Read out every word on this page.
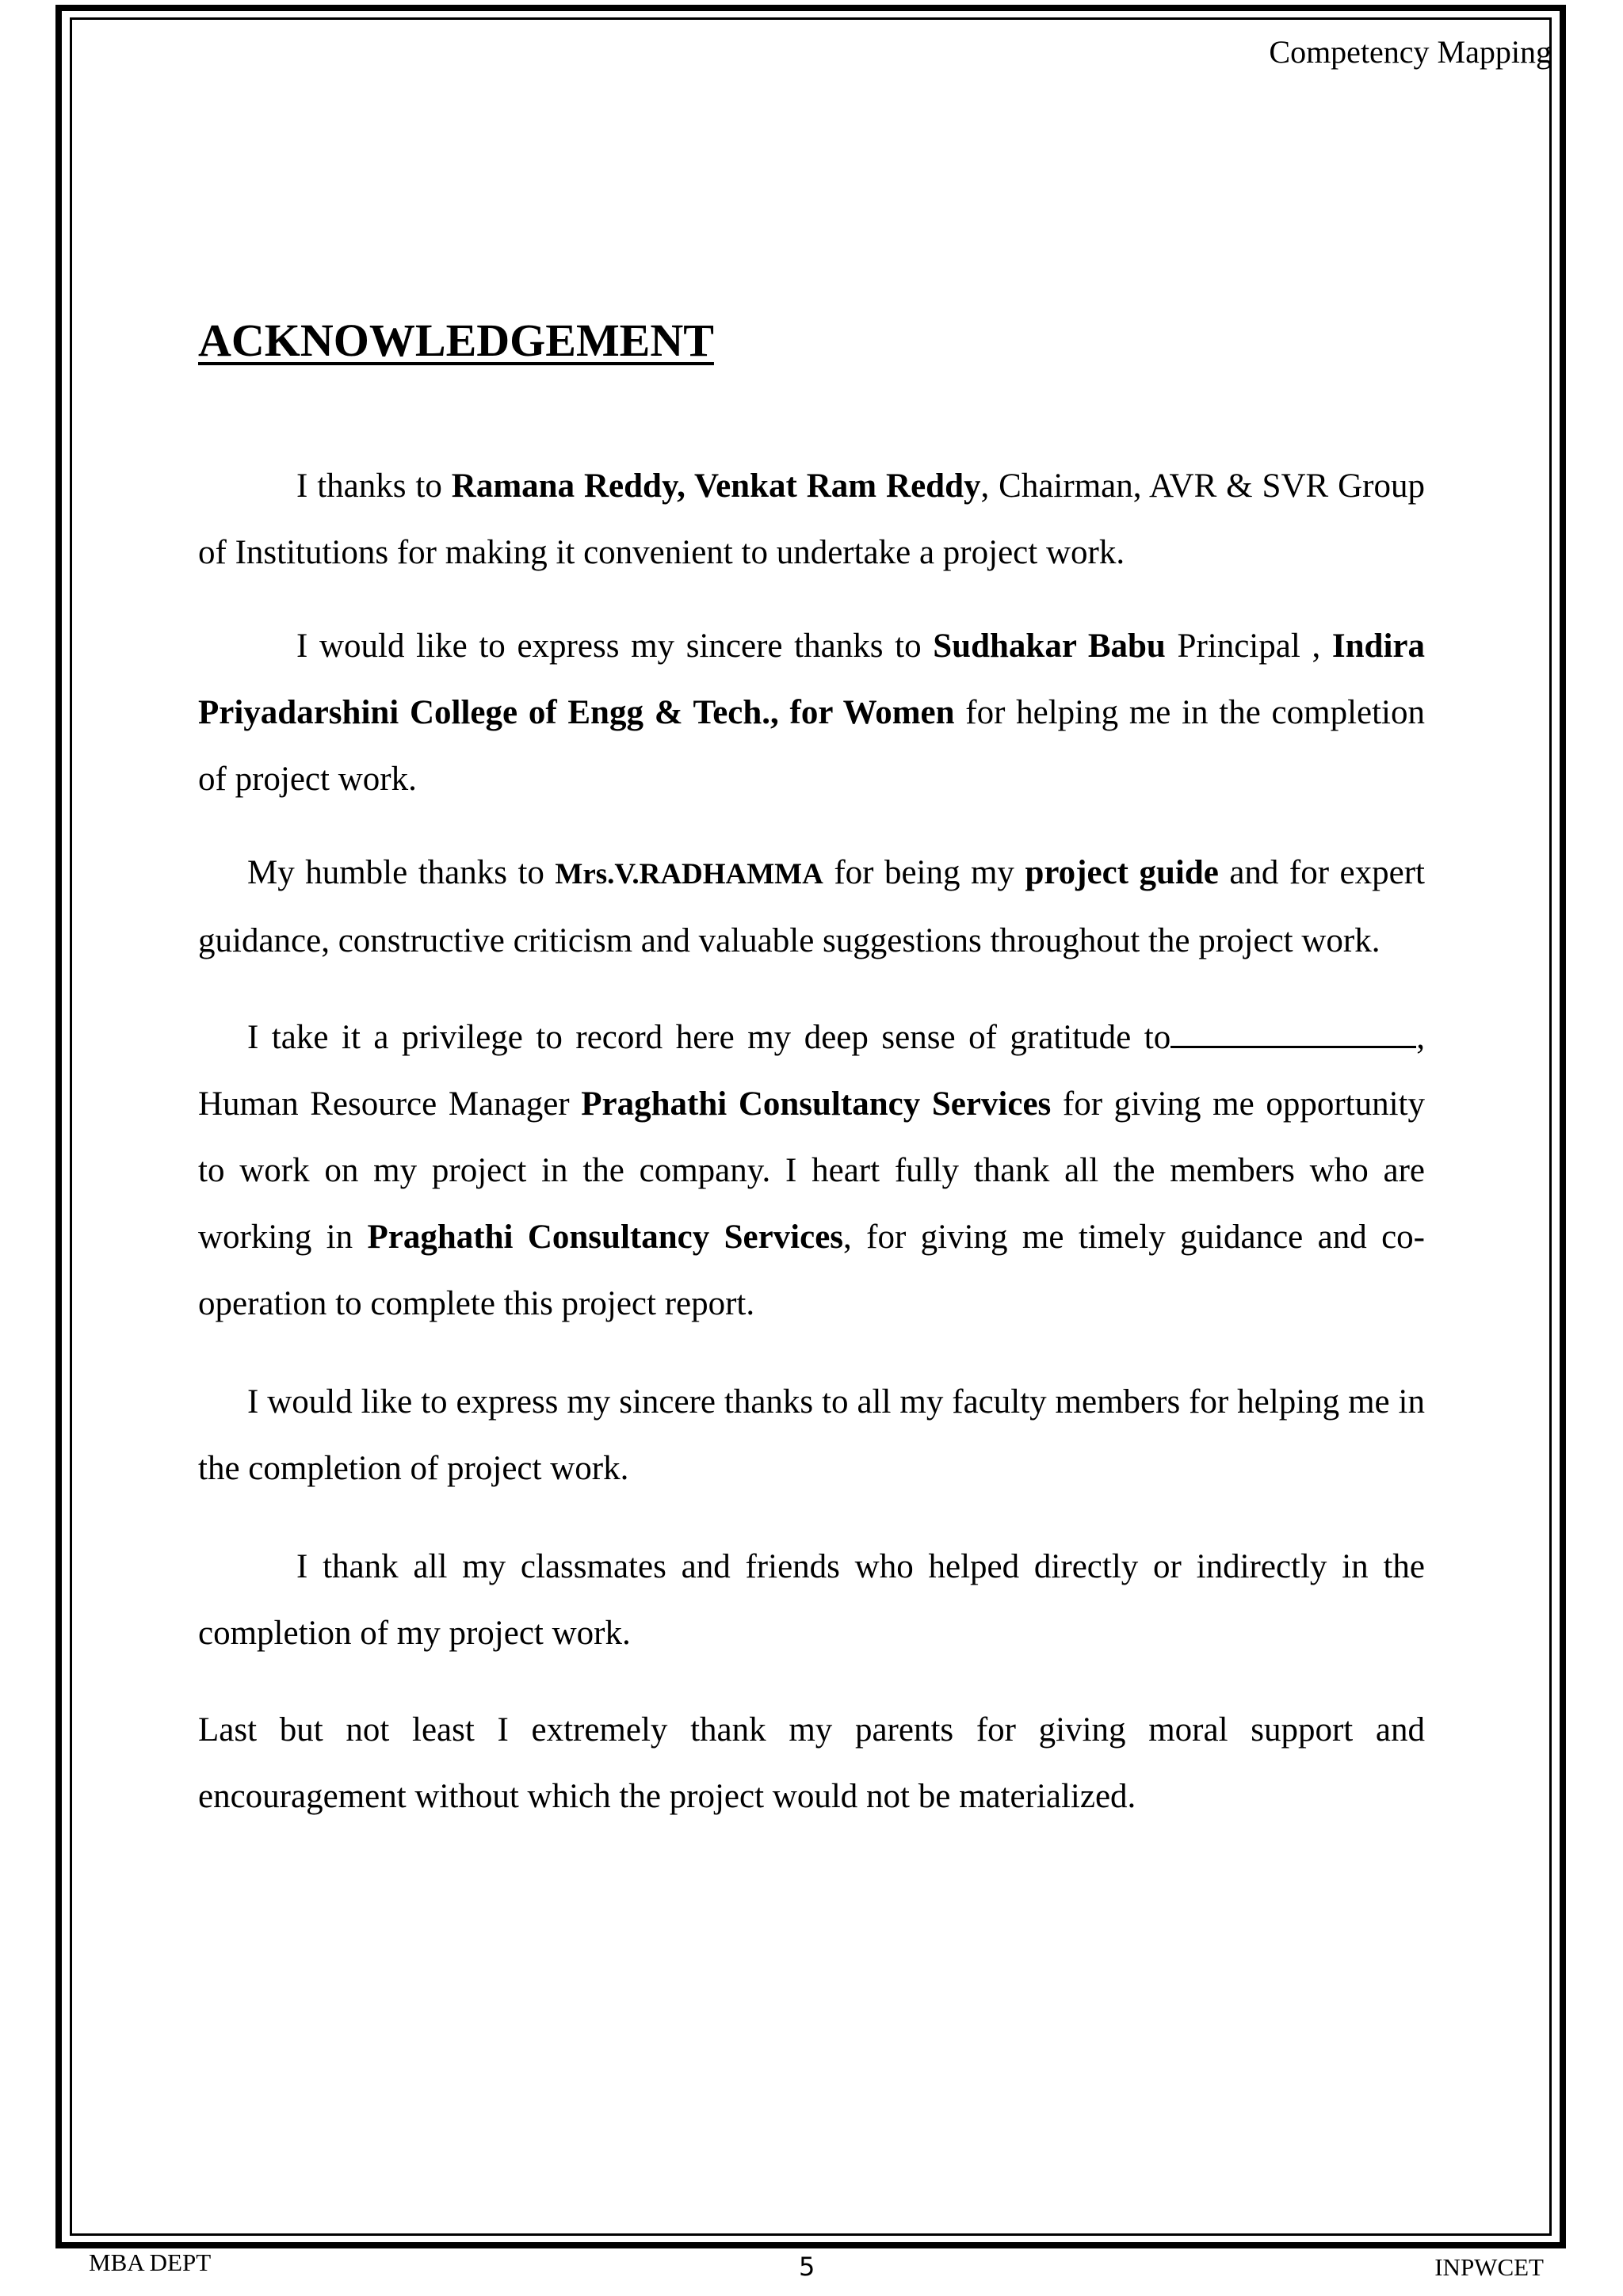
Competency Mapping
ACKNOWLEDGEMENT

I thanks to Ramana Reddy, Venkat Ram Reddy, Chairman, AVR & SVR Group of Institutions for making it convenient to undertake a project work.

I would like to express my sincere thanks to Sudhakar Babu Principal , Indira Priyadarshini College of Engg & Tech., for Women for helping me in the completion of project work.

My humble thanks to Mrs.V.RADHAMMA for being my project guide and for expert guidance, constructive criticism and valuable suggestions throughout the project work.

I take it a privilege to record here my deep sense of gratitude to	, Human Resource Manager Praghathi Consultancy Services for giving me opportunity to work on my project in the company. I heart fully thank all the members who are working in Praghathi Consultancy Services, for giving me timely guidance and co-operation to complete this project report.

I would like to express my sincere thanks to all my faculty members for helping me in the completion of project work.

I thank all my classmates and friends who helped directly or indirectly in the completion of my project work.

Last but not least I extremely thank my parents for giving moral support and encouragement without which the project would not be materialized.

MBA DEPT	5	INPWCET
